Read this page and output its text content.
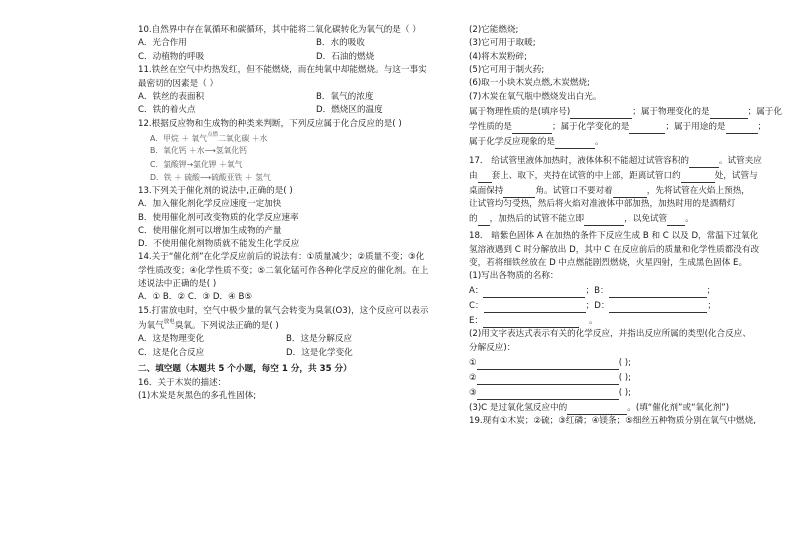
10.自然界中存在氧循环和碳循环，其中能将二氧化碳转化为氧气的是（ ）
A．光合作用	B．水的吸收
C．动植物的呼吸	D．石油的燃烧
11.铁丝在空气中灼热发红，但不能燃烧，而在纯氧中却能燃烧。与这一事实
最密切的因素是（ ）
A．铁丝的表面积	B．氧气的浓度
C．铁的着火点	D．燃烧区的温度
12.根据反应物和生成物的种类来判断，下列反应属于化合反应的是( )
A．甲烷 ＋ 氧气$^{点燃}$二氧化碳 ＋水
B．氧化钙 ＋水⟶氢氧化钙
C．氯酸钾→氯化钾 ＋氧气
D．铁 ＋ 硫酸⟶硫酸亚铁 ＋ 氢气
13.下列关于催化剂的说法中,正确的是( )
A．加入催化剂化学反应速度一定加快
B．使用催化剂可改变物质的化学反应速率
C．使用催化剂可以增加生成物的产量
D．不使用催化剂物质就不能发生化学反应
14.关于“催化剂”在化学反应前后的说法有：①质量减少；②质量不变；③化
学性质改变；④化学性质不变；⑤二氧化锰可作各种化学反应的催化剂。在上
述说法中正确的是( )
A．① B．② C．③ D．④ B⑤
15.打雷放电时，空气中极少量的氧气会转变为臭氧(O3)，这个反应可以表示
为氧气$^{放电}$臭氧。下列说法正确的是( )
A．这是物理变化	B．这是分解反应
C．这是化合反应	D．这是化学变化
二、填空题（本题共 5 个小题，每空 1 分，共 35 分）
16．关于木炭的描述：
(1)木炭是灰黑色的多孔性固体;
(2)它能燃烧;
(3)它可用于取暖;
(4)将木炭粉碎;
(5)它可用于制火药;
(6)取一小块木炭点燃,木炭燃烧;
(7)木炭在氧气瓶中燃烧发出白光。
属于物理性质的是(填序号)	；属于物理变化的是	；属于化
学性质的是	；属于化学变化的是	；属于用途的是	；
属于化学反应现象的是	。
17． 给试管里液体加热时，液体体积不能超过试管容积的	。试管夹应
由 套上、取下，夹持在试管的中上部，距离试管口约	处，试管与
桌面保持	角。试管口不要对着	，先将试管在火焰上预热，
让试管均匀受热，然后将火焰对准液体中部加热，加热时用的是酒精灯
的 ，加热后的试管不能立即	，以免试管 。
18． 暗紫色固体 A 在加热的条件下反应生成 B 和 C 以及 D，常温下过氧化
氢溶液遇到 C 时分解放出 D，其中 C 在反应前后的质量和化学性质都没有改
变，若将细铁丝放在 D 中点燃能剧烈燃烧，火星四射，生成黑色固体 E。
(1)写出各物质的名称：
A：	；B：	；
C：	；D：	；
E：	。
(2)用文字表达式表示有关的化学反应，并指出反应所属的类型(化合反应、
分解反应)：
①	( );
②	( );
③	( );
(3)C 是过氧化氢反应中的	。(填“催化剂”或“氧化剂”)
19.现有①木炭；②硫；③红磷；④镁条；⑤细丝五种物质分别在氧气中燃烧,
